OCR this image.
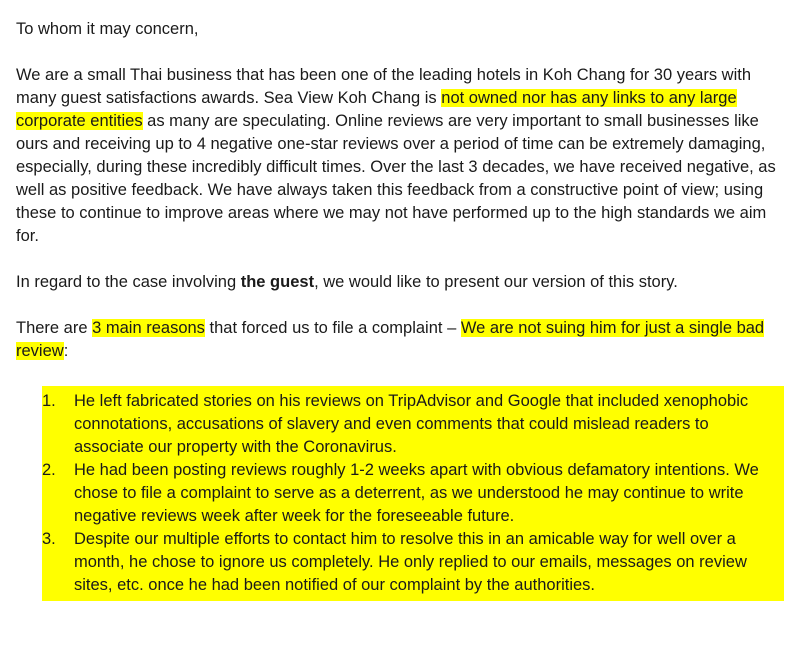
To whom it may concern,

We are a small Thai business that has been one of the leading hotels in Koh Chang for 30 years with many guest satisfactions awards. Sea View Koh Chang is not owned nor has any links to any large corporate entities as many are speculating. Online reviews are very important to small businesses like ours and receiving up to 4 negative one-star reviews over a period of time can be extremely damaging, especially, during these incredibly difficult times. Over the last 3 decades, we have received negative, as well as positive feedback. We have always taken this feedback from a constructive point of view; using these to continue to improve areas where we may not have performed up to the high standards we aim for.

In regard to the case involving the guest, we would like to present our version of this story.

There are 3 main reasons that forced us to file a complaint – We are not suing him for just a single bad review:

1. He left fabricated stories on his reviews on TripAdvisor and Google that included xenophobic connotations, accusations of slavery and even comments that could mislead readers to associate our property with the Coronavirus.
2. He had been posting reviews roughly 1-2 weeks apart with obvious defamatory intentions. We chose to file a complaint to serve as a deterrent, as we understood he may continue to write negative reviews week after week for the foreseeable future.
3. Despite our multiple efforts to contact him to resolve this in an amicable way for well over a month, he chose to ignore us completely. He only replied to our emails, messages on review sites, etc. once he had been notified of our complaint by the authorities.
